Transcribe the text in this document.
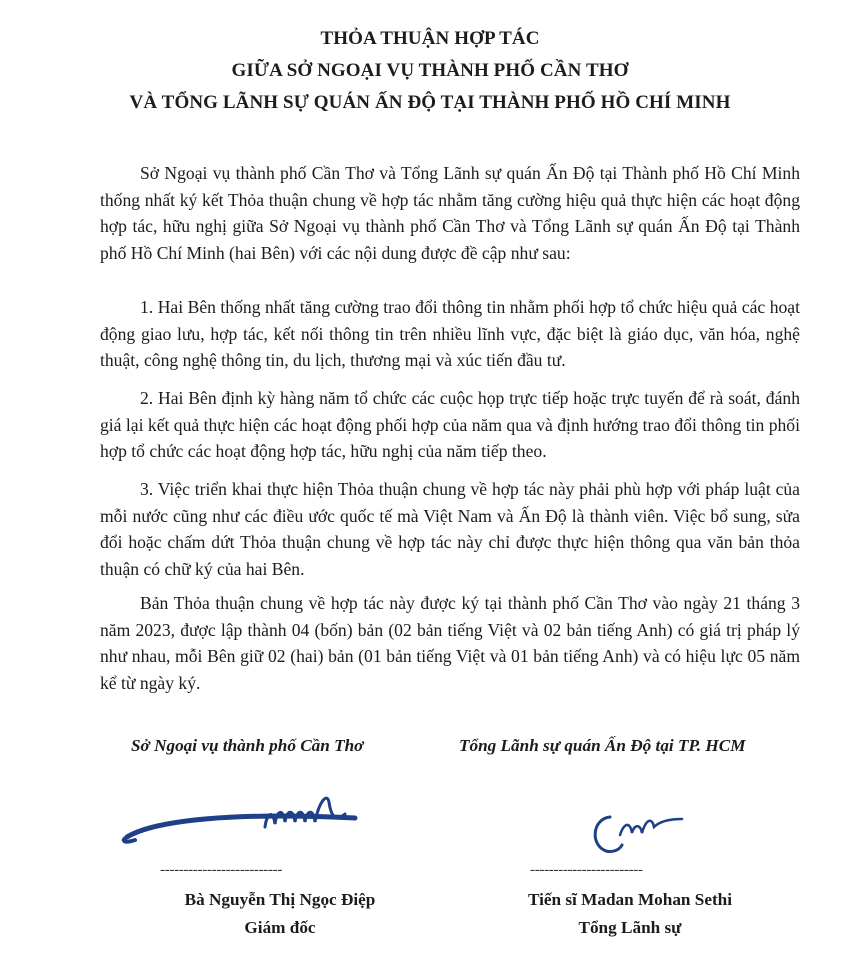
THỎA THUẬN HỢP TÁC
GIỮA SỞ NGOẠI VỤ THÀNH PHỐ CẦN THƠ
VÀ TỔNG LÃNH SỰ QUÁN ẤN ĐỘ TẠI THÀNH PHỐ HỒ CHÍ MINH
Sở Ngoại vụ thành phố Cần Thơ và Tổng Lãnh sự quán Ấn Độ tại Thành phố Hồ Chí Minh thống nhất ký kết Thỏa thuận chung về hợp tác nhằm tăng cường hiệu quả thực hiện các hoạt động hợp tác, hữu nghị giữa Sở Ngoại vụ thành phố Cần Thơ và Tổng Lãnh sự quán Ấn Độ tại Thành phố Hồ Chí Minh (hai Bên) với các nội dung được đề cập như sau:
1. Hai Bên thống nhất tăng cường trao đổi thông tin nhằm phối hợp tổ chức hiệu quả các hoạt động giao lưu, hợp tác, kết nối thông tin trên nhiều lĩnh vực, đặc biệt là giáo dục, văn hóa, nghệ thuật, công nghệ thông tin, du lịch, thương mại và xúc tiến đầu tư.
2. Hai Bên định kỳ hàng năm tổ chức các cuộc họp trực tiếp hoặc trực tuyến để rà soát, đánh giá lại kết quả thực hiện các hoạt động phối hợp của năm qua và định hướng trao đổi thông tin phối hợp tổ chức các hoạt động hợp tác, hữu nghị của năm tiếp theo.
3. Việc triển khai thực hiện Thỏa thuận chung về hợp tác này phải phù hợp với pháp luật của mỗi nước cũng như các điều ước quốc tế mà Việt Nam và Ấn Độ là thành viên. Việc bổ sung, sửa đổi hoặc chấm dứt Thỏa thuận chung về hợp tác này chỉ được thực hiện thông qua văn bản thỏa thuận có chữ ký của hai Bên.
Bản Thỏa thuận chung về hợp tác này được ký tại thành phố Cần Thơ vào ngày 21 tháng 3 năm 2023, được lập thành 04 (bốn) bản (02 bản tiếng Việt và 02 bản tiếng Anh) có giá trị pháp lý như nhau, mỗi Bên giữ 02 (hai) bản (01 bản tiếng Việt và 01 bản tiếng Anh) và có hiệu lực 05 năm kể từ ngày ký.
Sở Ngoại vụ thành phố Cần Thơ	Tổng Lãnh sự quán Ấn Độ tại TP. HCM
--------------------------	------------------------
Bà Nguyễn Thị Ngọc Điệp
Giám đốc
Tiến sĩ Madan Mohan Sethi
Tổng Lãnh sự
